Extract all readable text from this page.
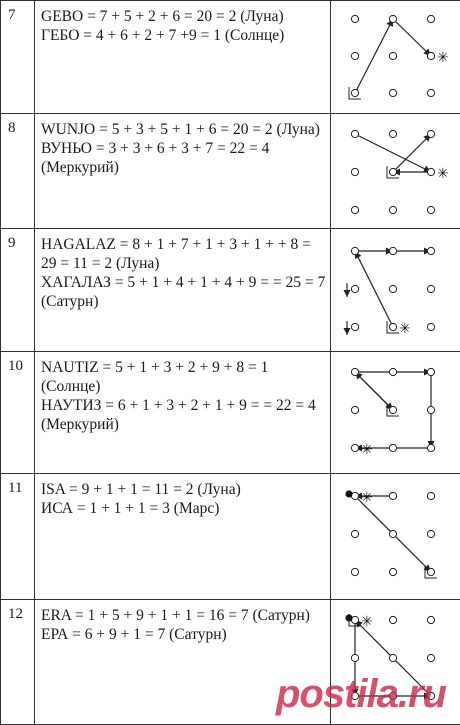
7	GEBO = 7 + 5 + 2 + 6 = 20 = 2 (Луна)
ГЕБО = 4 + 6 + 2 + 7 +9 = 1 (Солнце)	✳

8	WUNJO = 5 + 3 + 5 + 1 + 6 = 20 = 2 (Луна)
ВУНЬО = 3 + 3 + 6 + 3 + 7 = 22 = 4 (Меркурий)	✳

9	HAGALAZ = 8 + 1 + 7 + 1 + 3 + 1 + + 8 = 29 = 11 = 2 (Луна)
ХАГАЛАЗ = 5 + 1 + 4 + 1 + 4 + 9 = = 25 = 7 (Сатурн)	✳

10	NAUTIZ = 5 + 1 + 3 + 2 + 9 + 8 = 1 (Солнце)
НАУТИЗ = 6 + 1 + 3 + 2 + 1 + 9 = = 22 = 4 (Меркурий)	✳

11	ISA = 9 + 1 + 1 = 11 = 2 (Луна)
ИСА = 1 + 1 + 1 = 3 (Марс)	✳

12	ERA = 1 + 5 + 9 + 1 + 1 = 16 = 7 (Сатурн)
ЕРА = 6 + 9 + 1 = 7 (Сатурн)	✳
postila.ru
